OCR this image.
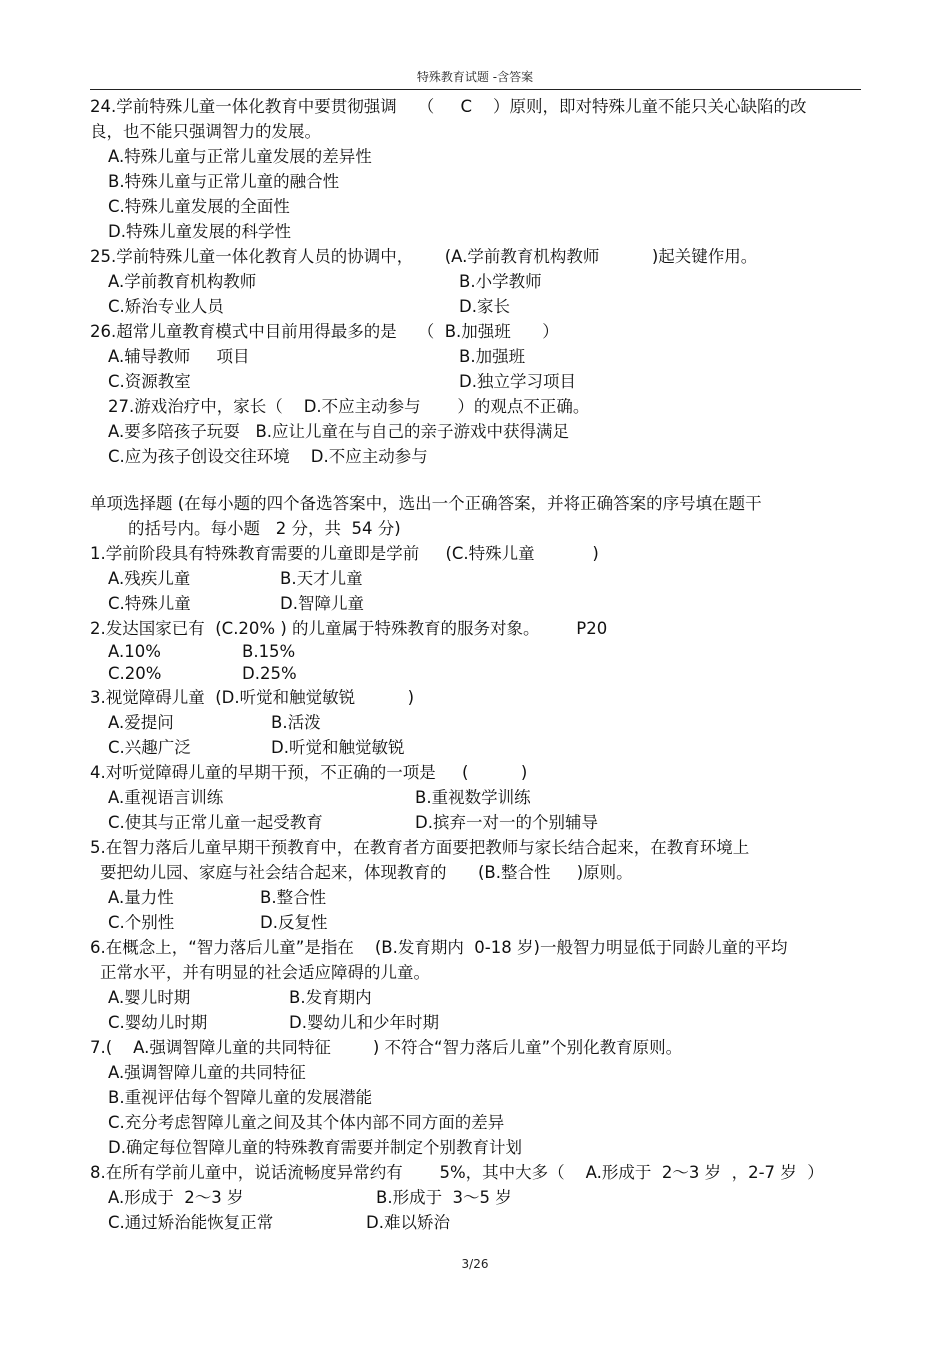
特殊教育试题 -含答案
24.学前特殊儿童一体化教育中要贯彻强调    （     C    ）原则，即对特殊儿童不能只关心缺陷的改
良，也不能只强调智力的发展。
A.特殊儿童与正常儿童发展的差异性
B.特殊儿童与正常儿童的融合性
C.特殊儿童发展的全面性
D.特殊儿童发展的科学性
25.学前特殊儿童一体化教育人员的协调中，      (A.学前教育机构教师          )起关键作用。
A.学前教育机构教师	B.小学教师
C.矫治专业人员	D.家长
26.超常儿童教育模式中目前用得最多的是    （  B.加强班      ）
A.辅导教师     项目	B.加强班
C.资源教室	D.独立学习项目
27.游戏治疗中，家长（    D.不应主动参与       ）的观点不正确。
A.要多陪孩子玩耍   B.应让儿童在与自己的亲子游戏中获得满足
C.应为孩子创设交往环境    D.不应主动参与
单项选择题 (在每小题的四个备选答案中，选出一个正确答案，并将正确答案的序号填在题干
的括号内。每小题   2 分，共  54 分)
1.学前阶段具有特殊教育需要的儿童即是学前     (C.特殊儿童           )
A.残疾儿童	B.天才儿童
C.特殊儿童	D.智障儿童
2.发达国家已有  (C.20% ) 的儿童属于特殊教育的服务对象。       P20
A.10%	B.15%
C.20%	D.25%
3.视觉障碍儿童  (D.听觉和触觉敏锐          )
A.爱提问	B.活泼
C.兴趣广泛	D.听觉和触觉敏锐
4.对听觉障碍儿童的早期干预，不正确的一项是     (          )
A.重视语言训练	B.重视数学训练
C.使其与正常儿童一起受教育	D.摈弃一对一的个别辅导
5.在智力落后儿童早期干预教育中，在教育者方面要把教师与家长结合起来，在教育环境上
要把幼儿园、家庭与社会结合起来，体现教育的      (B.整合性     )原则。
A.量力性	B.整合性
C.个别性	D.反复性
6.在概念上，“智力落后儿童”是指在    (B.发育期内  0-18 岁)一般智力明显低于同龄儿童的平均
正常水平，并有明显的社会适应障碍的儿童。
A.婴儿时期	B.发育期内
C.婴幼儿时期	D.婴幼儿和少年时期
7.(    A.强调智障儿童的共同特征        ) 不符合“智力落后儿童”个别化教育原则。
A.强调智障儿童的共同特征
B.重视评估每个智障儿童的发展潜能
C.充分考虑智障儿童之间及其个体内部不同方面的差异
D.确定每位智障儿童的特殊教育需要并制定个别教育计划
8.在所有学前儿童中，说话流畅度异常约有       5%，其中大多（    A.形成于  2～3 岁  ，2-7 岁  ）
A.形成于  2～3 岁	B.形成于  3～5 岁
C.通过矫治能恢复正常	D.难以矫治
3/26
